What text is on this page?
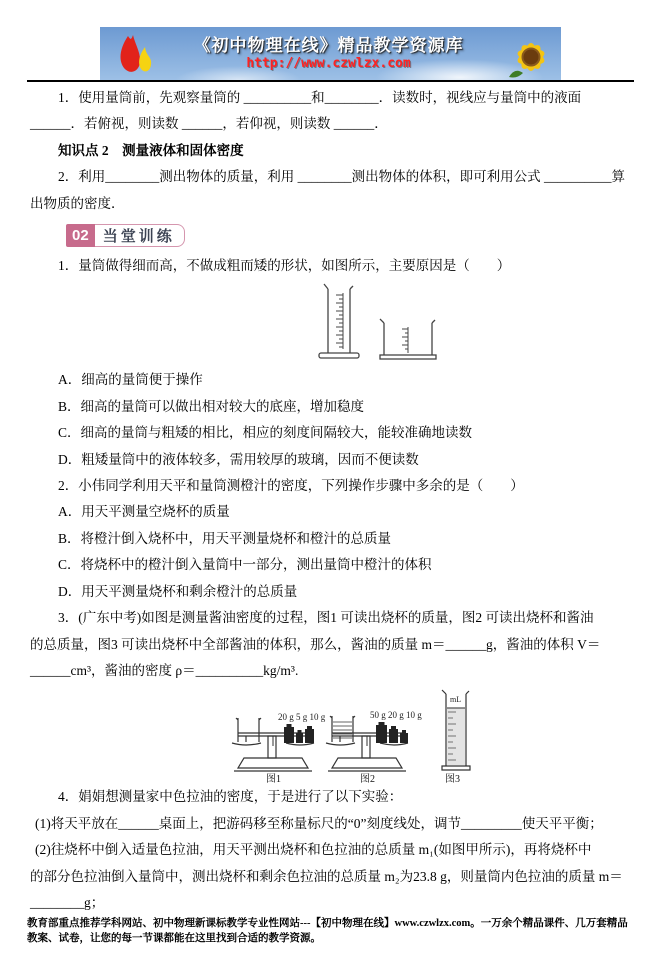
《初中物理在线》精品教学资源库
http://www.czwlzx.com

1．使用量筒前，先观察量筒的 __________和________．读数时，视线应与量筒中的液面

______．若俯视，则读数 ______，若仰视，则读数 ______．

知识点 2　测量液体和固体密度

2．利用________测出物体的质量，利用 ________测出物体的体积，即可利用公式 __________算

出物质的密度．

02 当堂训练

1．量筒做得细而高，不做成粗而矮的形状，如图所示，主要原因是（　　）

A．细高的量筒便于操作

B．细高的量筒可以做出相对较大的底座，增加稳度

C．细高的量筒与粗矮的相比，相应的刻度间隔较大，能较准确地读数

D．粗矮量筒中的液体较多，需用较厚的玻璃，因而不便读数

2．小伟同学利用天平和量筒测橙汁的密度，下列操作步骤中多余的是（　　）

A．用天平测量空烧杯的质量

B．将橙汁倒入烧杯中，用天平测量烧杯和橙汁的总质量

C．将烧杯中的橙汁倒入量筒中一部分，测出量筒中橙汁的体积

D．用天平测量烧杯和剩余橙汁的总质量

3．(广东中考)如图是测量酱油密度的过程，图1 可读出烧杯的质量，图2 可读出烧杯和酱油

的总质量，图3 可读出烧杯中全部酱油的体积，那么，酱油的质量 m＝______g，酱油的体积 V＝

______cm³，酱油的密度 ρ＝__________kg/m³.

20 g 5 g 10 g
图1
50 g 20 g 10 g
图2
mL
图3

4．娟娟想测量家中色拉油的密度，于是进行了以下实验：

(1)将天平放在______桌面上，把游码移至称量标尺的“0”刻度线处，调节_________使天平平衡；

(2)往烧杯中倒入适量色拉油，用天平测出烧杯和色拉油的总质量 m₁(如图甲所示)，再将烧杯中

的部分色拉油倒入量筒中，测出烧杯和剩余色拉油的总质量 m₂为23.8 g，则量筒内色拉油的质量 m＝

________g；

教育部重点推荐学科网站、初中物理新课标教学专业性网站---【初中物理在线】www.czwlzx.com。一万余个精品课件、几万套精品教案、试卷，让您的每一节课都能在这里找到合适的教学资源。
